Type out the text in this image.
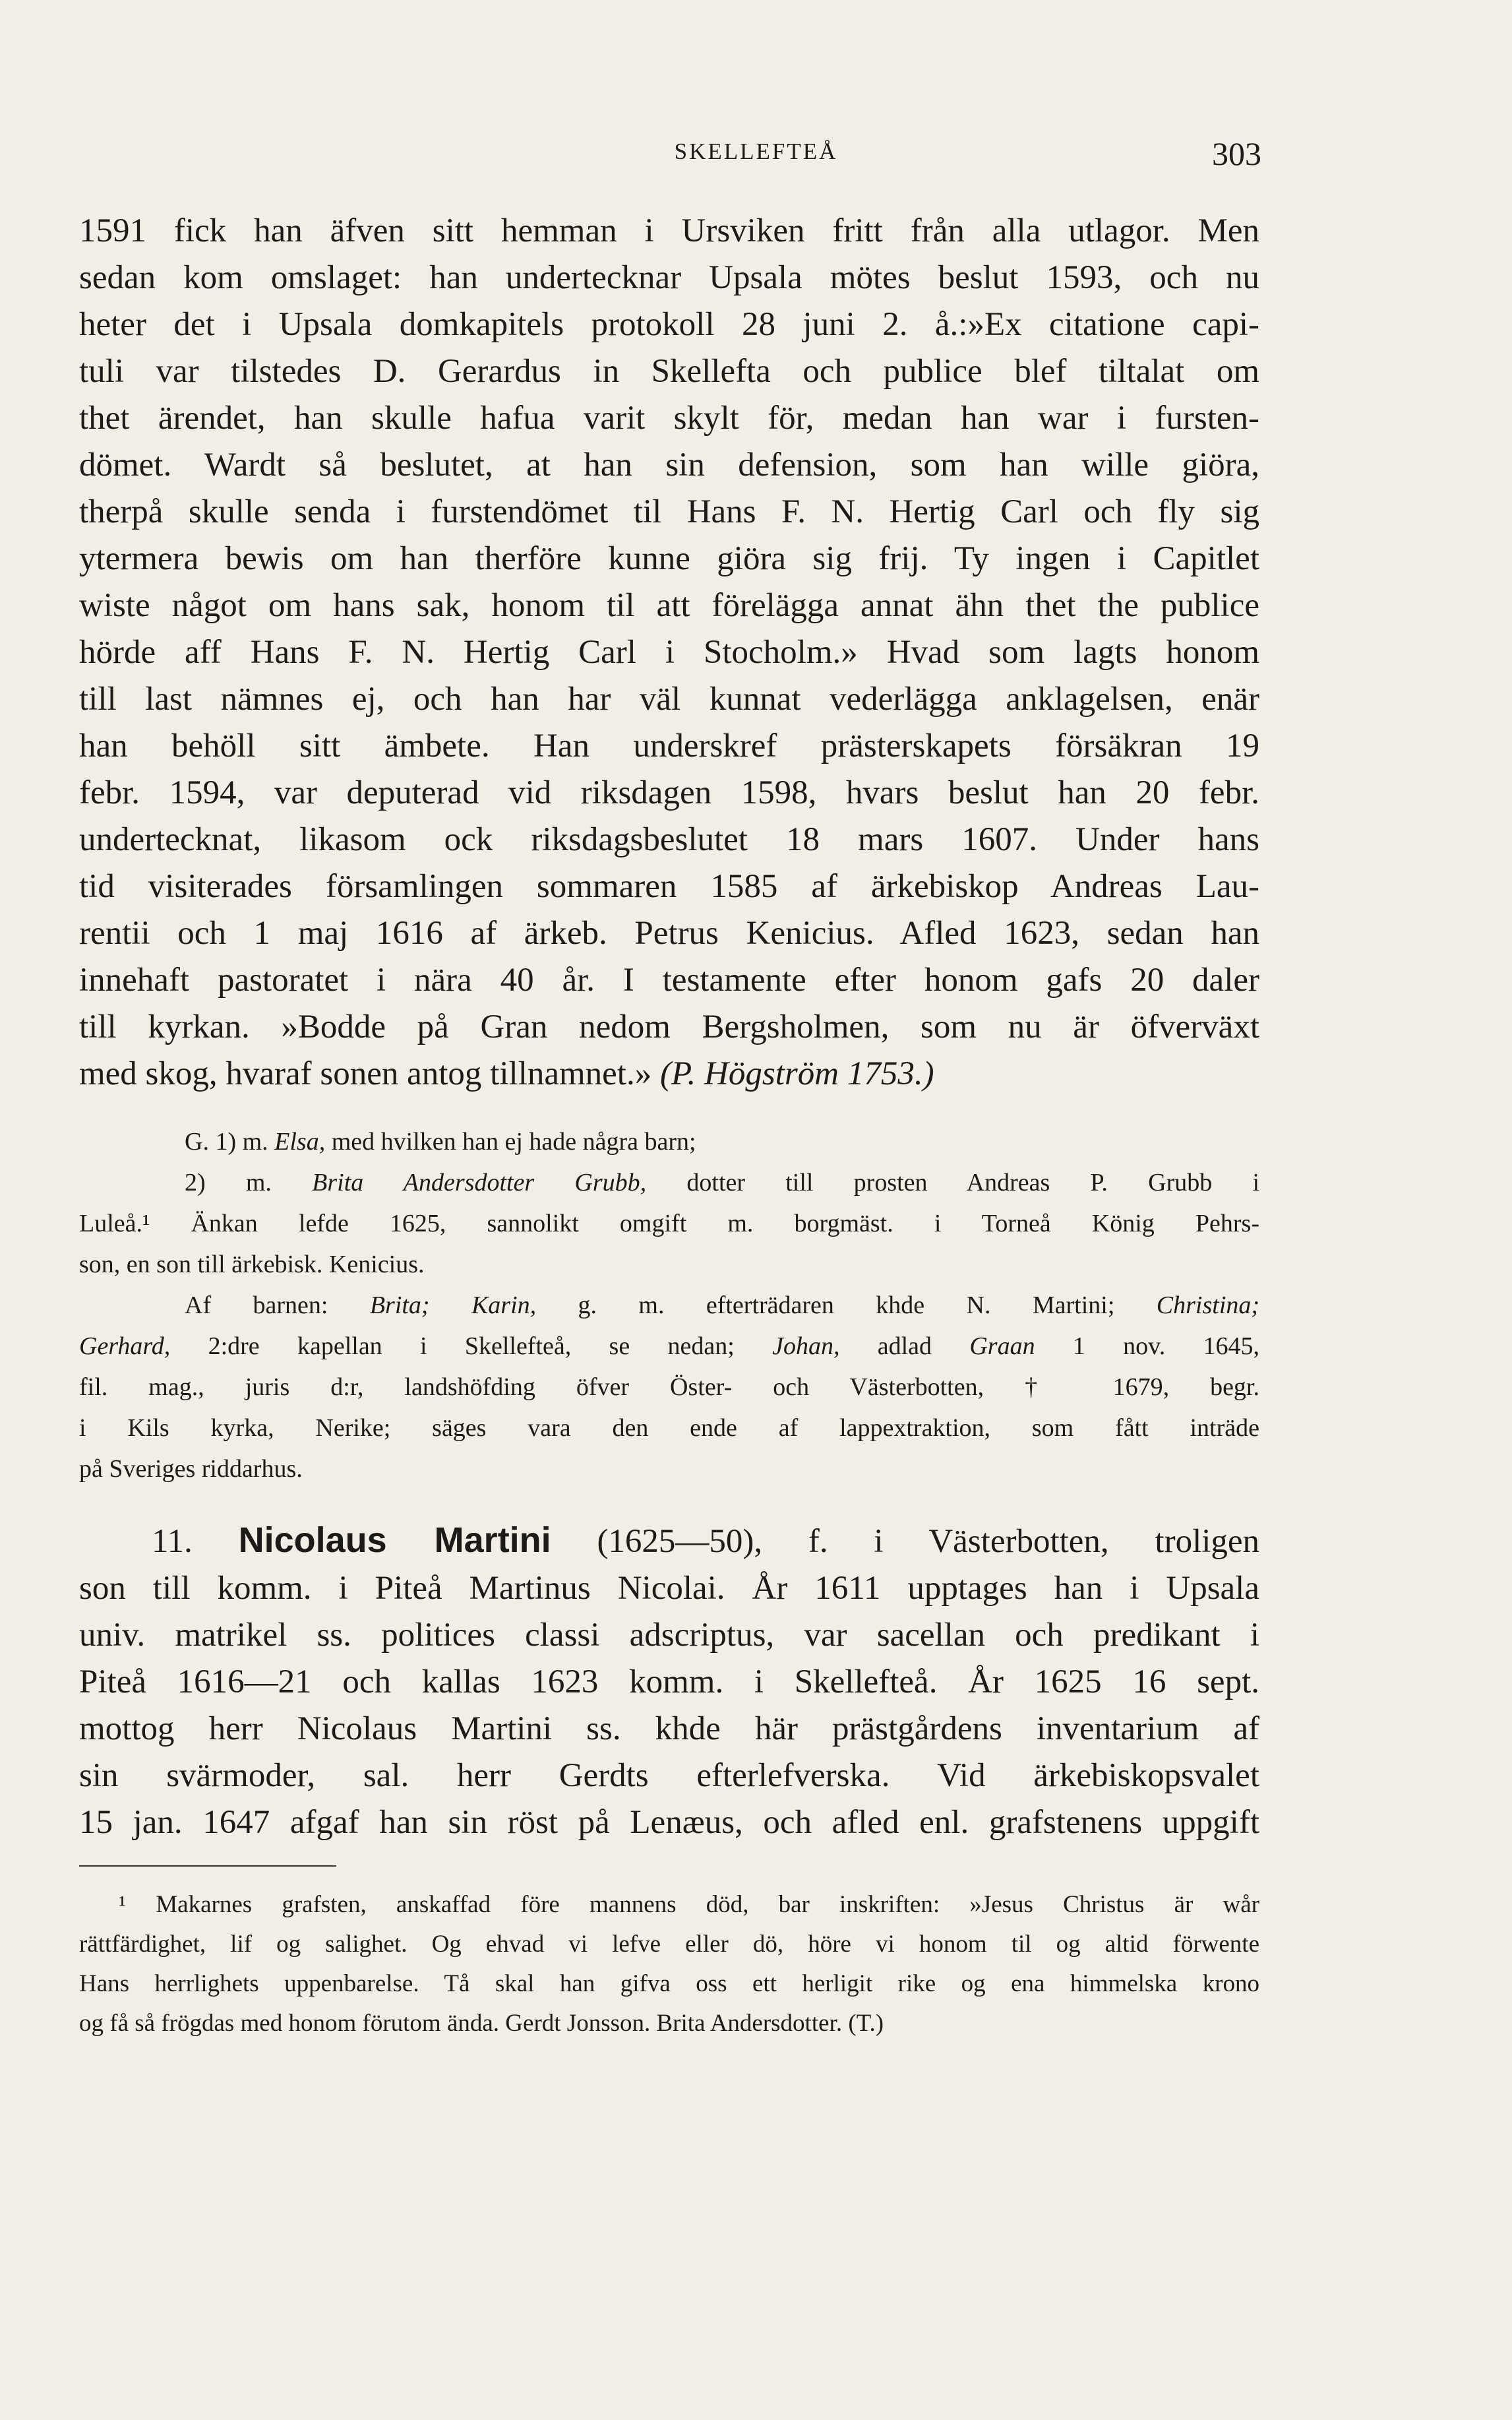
SKELLEFTEÅ	303
1591 fick han äfven sitt hemman i Ursviken fritt från alla utlagor. Men
sedan kom omslaget: han undertecknar Upsala mötes beslut 1593, och nu
heter det i Upsala domkapitels protokoll 28 juni 2. å.:»Ex citatione capi-
tuli var tilstedes D. Gerardus in Skellefta och publice blef tiltalat om
thet ärendet, han skulle hafua varit skylt för, medan han war i fursten-
dömet. Wardt så beslutet, at han sin defension, som han wille giöra,
therpå skulle senda i furstendömet til Hans F. N. Hertig Carl och fly sig
ytermera bewis om han therföre kunne giöra sig frij. Ty ingen i Capitlet
wiste något om hans sak, honom til att förelägga annat ähn thet the publice
hörde aff Hans F. N. Hertig Carl i Stocholm.» Hvad som lagts honom
till last nämnes ej, och han har väl kunnat vederlägga anklagelsen, enär
han behöll sitt ämbete. Han underskref prästerskapets försäkran 19
febr. 1594, var deputerad vid riksdagen 1598, hvars beslut han 20 febr.
undertecknat, likasom ock riksdagsbeslutet 18 mars 1607. Under hans
tid visiterades församlingen sommaren 1585 af ärkebiskop Andreas Lau-
rentii och 1 maj 1616 af ärkeb. Petrus Kenicius. Afled 1623, sedan han
innehaft pastoratet i nära 40 år. I testamente efter honom gafs 20 daler
till kyrkan. »Bodde på Gran nedom Bergsholmen, som nu är öfverväxt
med skog, hvaraf sonen antog tillnamnet.» (P. Högström 1753.)
G. 1) m. Elsa, med hvilken han ej hade några barn;
2) m. Brita Andersdotter Grubb, dotter till prosten Andreas P. Grubb i
Luleå.¹ Änkan lefde 1625, sannolikt omgift m. borgmäst. i Torneå König Pehrs-
son, en son till ärkebisk. Kenicius.
Af barnen: Brita; Karin, g. m. efterträdaren khde N. Martini; Christina;
Gerhard, 2:dre kapellan i Skellefteå, se nedan; Johan, adlad Graan 1 nov. 1645,
fil. mag., juris d:r, landshöfding öfver Öster- och Västerbotten, † 1679, begr.
i Kils kyrka, Nerike; säges vara den ende af lappextraktion, som fått inträde
på Sveriges riddarhus.
11. Nicolaus Martini (1625—50), f. i Västerbotten, troligen
son till komm. i Piteå Martinus Nicolai. År 1611 upptages han i Upsala
univ. matrikel ss. politices classi adscriptus, var sacellan och predikant i
Piteå 1616—21 och kallas 1623 komm. i Skellefteå. År 1625 16 sept.
mottog herr Nicolaus Martini ss. khde här prästgårdens inventarium af
sin svärmoder, sal. herr Gerdts efterlefverska. Vid ärkebiskopsvalet
15 jan. 1647 afgaf han sin röst på Lenæus, och afled enl. grafstenens uppgift
¹ Makarnes grafsten, anskaffad före mannens död, bar inskriften: »Jesus Christus är wår
rättfärdighet, lif og salighet. Og ehvad vi lefve eller dö, höre vi honom til og altid förwente
Hans herrlighets uppenbarelse. Tå skal han gifva oss ett herligit rike og ena himmelska krono
og få så frögdas med honom förutom ända. Gerdt Jonsson. Brita Andersdotter. (T.)
